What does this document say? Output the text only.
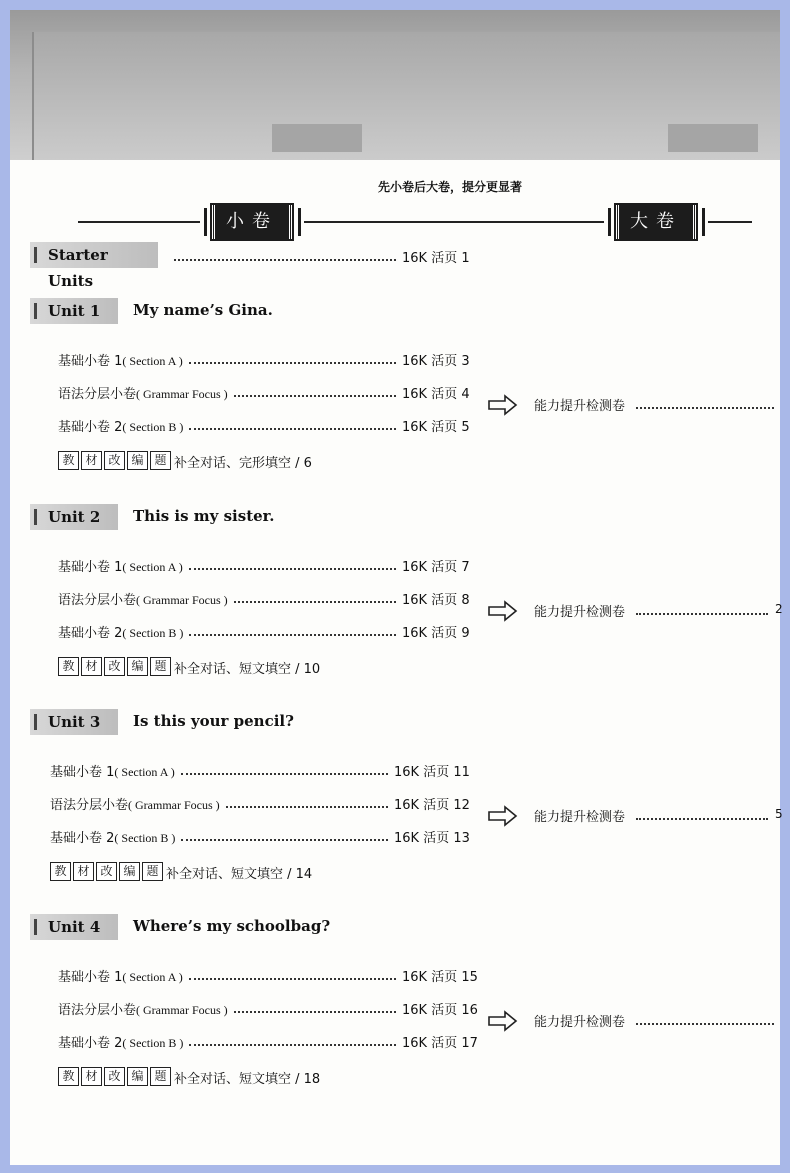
先小卷后大卷，提分更显著
小卷	大卷
Starter Units
16K 活页 1
Unit 1	My name’s Gina.
基础小卷 1( Section A )	16K 活页 3
语法分层小卷( Grammar Focus )	16K 活页 4
基础小卷 2( Section B )	16K 活页 5
教 材 改 编 题 补全对话、完形填空 / 6
能力提升检测卷
Unit 2	This is my sister.
基础小卷 1( Section A )	16K 活页 7
语法分层小卷( Grammar Focus )	16K 活页 8
基础小卷 2( Section B )	16K 活页 9
教 材 改 编 题 补全对话、短文填空 / 10
能力提升检测卷	2
Unit 3	Is this your pencil?
基础小卷 1( Section A )	16K 活页 11
语法分层小卷( Grammar Focus )	16K 活页 12
基础小卷 2( Section B )	16K 活页 13
教 材 改 编 题 补全对话、短文填空 / 14
能力提升检测卷	5
Unit 4	Where’s my schoolbag?
基础小卷 1( Section A )	16K 活页 15
语法分层小卷( Grammar Focus )	16K 活页 16
基础小卷 2( Section B )	16K 活页 17
教 材 改 编 题 补全对话、短文填空 / 18
能力提升检测卷
